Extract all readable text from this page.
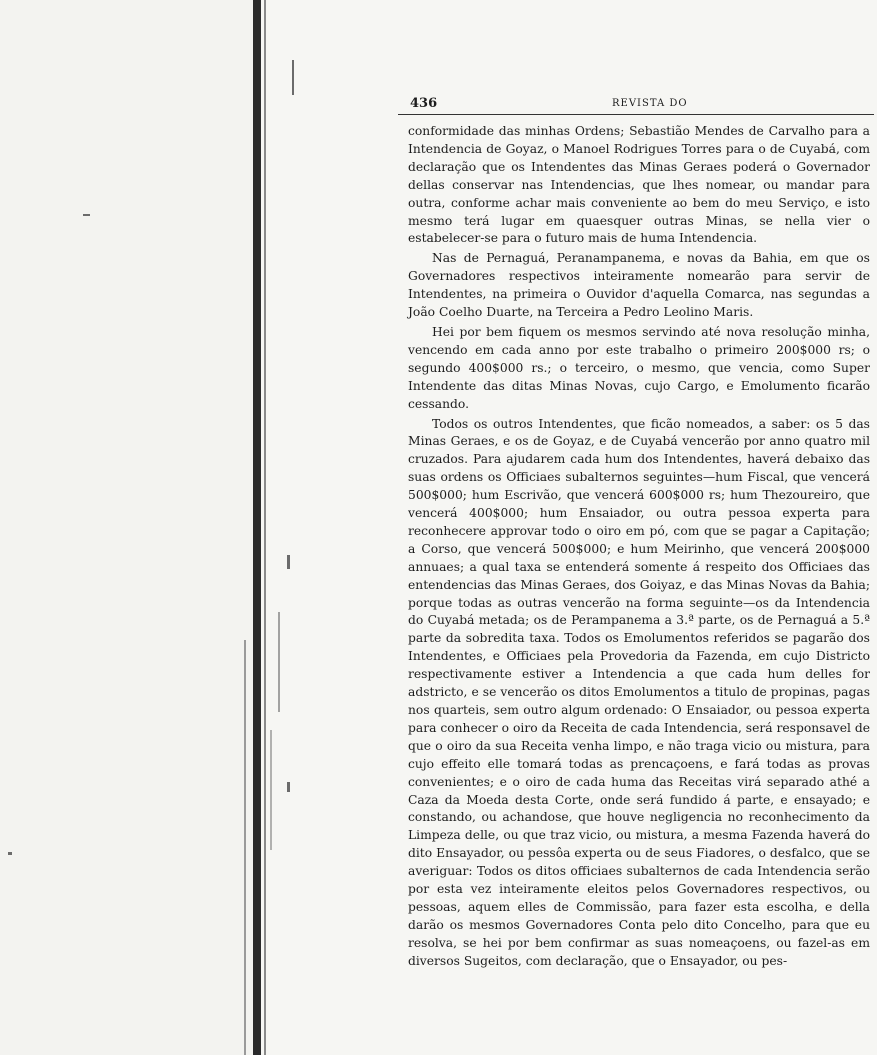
436	REVISTA DO

conformidade das minhas Ordens; Sebastião Mendes de Carvalho para a Intendencia de Goyaz, o Manoel Rodrigues Torres para o de Cuyabá, com declaração que os Intendentes das Minas Geraes poderá o Governador dellas conservar nas Intendencias, que lhes nomear, ou mandar para outra, conforme achar mais conveniente ao bem do meu Serviço, e isto mesmo terá lugar em quaesquer outras Minas, se nella vier o estabelecer-se para o futuro mais de huma Intendencia.

Nas de Pernaguá, Peranampanema, e novas da Bahia, em que os Governadores respectivos inteiramente nomearão para servir de Intendentes, na primeira o Ouvidor d'aquella Comarca, nas segundas a João Coelho Duarte, na Terceira a Pedro Leolino Maris.

Hei por bem fiquem os mesmos servindo até nova resolução minha, vencendo em cada anno por este trabalho o primeiro 200$000 rs; o segundo 400$000 rs.; o terceiro, o mesmo, que vencia, como Super Intendente das ditas Minas Novas, cujo Cargo, e Emolumento ficarão cessando.

Todos os outros Intendentes, que ficão nomeados, a saber: os 5 das Minas Geraes, e os de Goyaz, e de Cuyabá vencerão por anno quatro mil cruzados. Para ajudarem cada hum dos Intendentes, haverá debaixo das suas ordens os Officiaes subalternos seguintes—hum Fiscal, que vencerá 500$000; hum Escrivão, que vencerá 600$000 rs; hum Thezoureiro, que vencerá 400$000; hum Ensaiador, ou outra pessoa experta para reconhecere approvar todo o oiro em pó, com que se pagar a Capitação; a Corso, que vencerá 500$000; e hum Meirinho, que vencerá 200$000 annuaes; a qual taxa se entenderá somente á respeito dos Officiaes das entendencias das Minas Geraes, dos Goiyaz, e das Minas Novas da Bahia; porque todas as outras vencerão na forma seguinte—os da Intendencia do Cuyabá metada; os de Perampanema a 3.ª parte, os de Pernaguá a 5.ª parte da sobredita taxa. Todos os Emolumentos referidos se pagarão dos Intendentes, e Officiaes pela Provedoria da Fazenda, em cujo Districto respectivamente estiver a Intendencia a que cada hum delles for adstricto, e se vencerão os ditos Emolumentos a titulo de propinas, pagas nos quarteis, sem outro algum ordenado: O Ensaiador, ou pessoa experta para conhecer o oiro da Receita de cada Intendencia, será responsavel de que o oiro da sua Receita venha limpo, e não traga vicio ou mistura, para cujo effeito elle tomará todas as prencaçoens, e fará todas as provas convenientes; e o oiro de cada huma das Receitas virá separado athé a Caza da Moeda desta Corte, onde será fundido á parte, e ensayado; e constando, ou achandose, que houve negligencia no reconhecimento da Limpeza delle, ou que traz vicio, ou mistura, a mesma Fazenda haverá do dito Ensayador, ou pessôa experta ou de seus Fiadores, o desfalco, que se averiguar: Todos os ditos officiaes subalternos de cada Intendencia serão por esta vez inteiramente eleitos pelos Governadores respectivos, ou pessoas, aquem elles de Commissão, para fazer esta escolha, e della darão os mesmos Governadores Conta pelo dito Concelho, para que eu resolva, se hei por bem confirmar as suas nomeaçoens, ou fazel-as em diversos Sugeitos, com declaração, que o Ensayador, ou pes-
